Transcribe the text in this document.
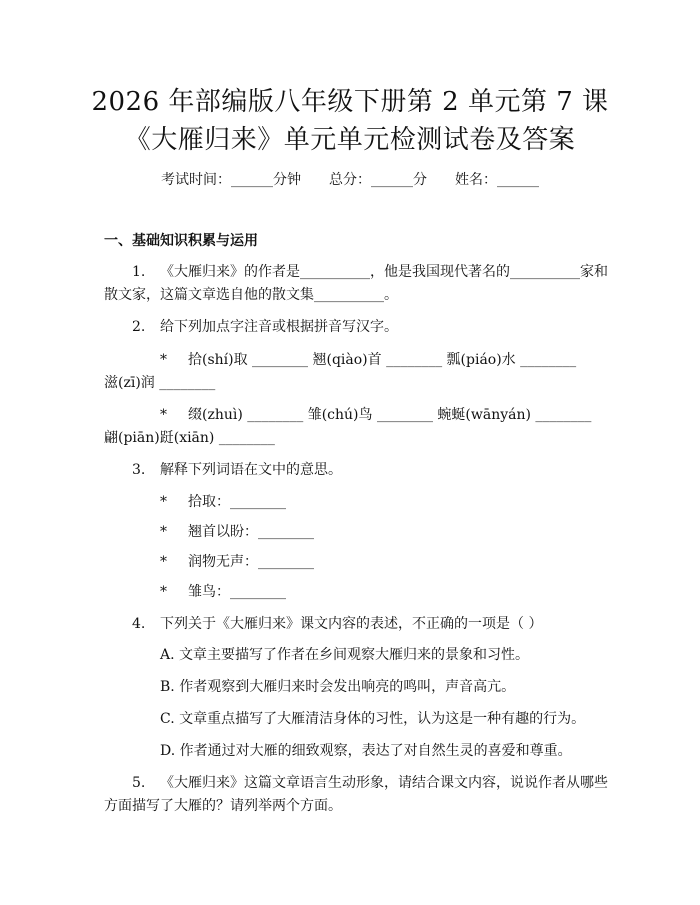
2026 年部编版八年级下册第 2 单元第 7 课
《大雁归来》单元单元检测试卷及答案
考试时间：______分钟 总分：______分 姓名：______
一、基础知识积累与运用
1. 《大雁归来》的作者是__________，他是我国现代著名的__________家和
散文家，这篇文章选自他的散文集__________。
2. 给下列加点字注音或根据拼音写汉字。
* 拾(shí)取 ________ 翘(qiào)首 ________ 瓢(piáo)水 ________
滋(zī)润 ________
* 缀(zhuì) ________ 雏(chú)鸟 ________ 蜿蜒(wānyán) ________
翩(piān)跹(xiān) ________
3. 解释下列词语在文中的意思。
* 拾取：________
* 翘首以盼：________
* 润物无声：________
* 雏鸟：________
4. 下列关于《大雁归来》课文内容的表述，不正确的一项是（ ）
A. 文章主要描写了作者在乡间观察大雁归来的景象和习性。
B. 作者观察到大雁归来时会发出响亮的鸣叫，声音高亢。
C. 文章重点描写了大雁清洁身体的习性，认为这是一种有趣的行为。
D. 作者通过对大雁的细致观察，表达了对自然生灵的喜爱和尊重。
5. 《大雁归来》这篇文章语言生动形象，请结合课文内容，说说作者从哪些
方面描写了大雁的？请列举两个方面。
